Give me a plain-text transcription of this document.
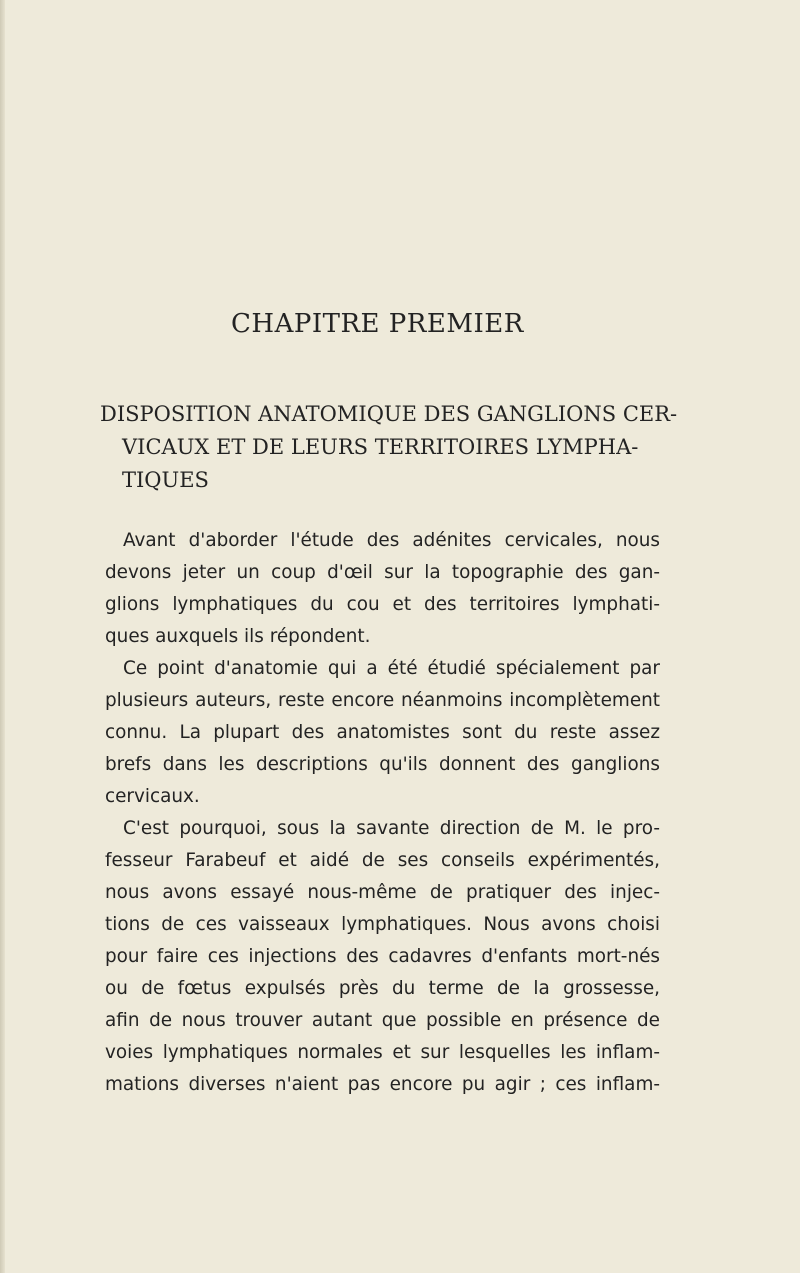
CHAPITRE PREMIER
DISPOSITION ANATOMIQUE DES GANGLIONS CER-
VICAUX ET DE LEURS TERRITOIRES LYMPHA-
TIQUES

Avant d'aborder l'étude des adénites cervicales, nous
devons jeter un coup d'œil sur la topographie des gan-
glions lymphatiques du cou et des territoires lymphati-
ques auxquels ils répondent.

Ce point d'anatomie qui a été étudié spécialement par
plusieurs auteurs, reste encore néanmoins incomplètement
connu. La plupart des anatomistes sont du reste assez
brefs dans les descriptions qu'ils donnent des ganglions
cervicaux.

C'est pourquoi, sous la savante direction de M. le pro-
fesseur Farabeuf et aidé de ses conseils expérimentés,
nous avons essayé nous-même de pratiquer des injec-
tions de ces vaisseaux lymphatiques. Nous avons choisi
pour faire ces injections des cadavres d'enfants mort-nés
ou de fœtus expulsés près du terme de la grossesse,
afin de nous trouver autant que possible en présence de
voies lymphatiques normales et sur lesquelles les inflam-
mations diverses n'aient pas encore pu agir ; ces inflam-
